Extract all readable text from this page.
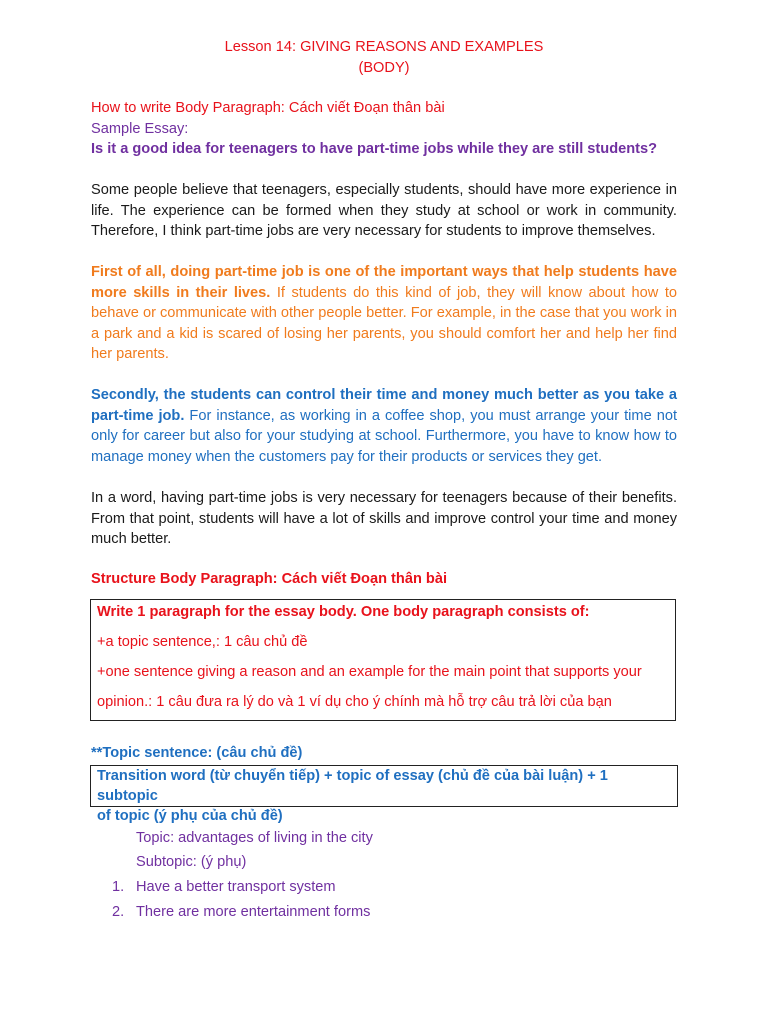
Lesson 14: GIVING REASONS AND EXAMPLES
(BODY)

How to write Body Paragraph: Cách viết Đoạn thân bài

Sample Essay:

Is it a good idea for teenagers to have part-time jobs while they are still students?

Some people believe that teenagers, especially students, should have more experience in life. The experience can be formed when they study at school or work in community. Therefore, I think part-time jobs are very necessary for students to improve themselves.

First of all, doing part-time job is one of the important ways that help students have more skills in their lives. If students do this kind of job, they will know about how to behave or communicate with other people better. For example, in the case that you work in a park and a kid is scared of losing her parents, you should comfort her and help her find her parents.

Secondly, the students can control their time and money much better as you take a part-time job. For instance, as working in a coffee shop, you must arrange your time not only for career but also for your studying at school. Furthermore, you have to know how to manage money when the customers pay for their products or services they get.

In a word, having part-time jobs is very necessary for teenagers because of their benefits. From that point, students will have a lot of skills and improve control your time and money much better.

Structure Body Paragraph: Cách viết Đoạn thân bài

Write 1 paragraph for the essay body. One body paragraph consists of:
+a topic sentence,: 1 câu chủ đề
+one sentence giving a reason and an example for the main point that supports your
opinion.: 1 câu đưa ra lý do và 1 ví dụ cho ý chính mà hỗ trợ câu trả lời của bạn

**Topic sentence: (câu chủ đề)

Transition word (từ chuyển tiếp) + topic of essay (chủ đề của bài luận) + 1 subtopic
of topic (ý phụ của chủ đề)
Topic: advantages of living in the city
Subtopic: (ý phụ)
1. Have a better transport system
2. There are more entertainment forms
